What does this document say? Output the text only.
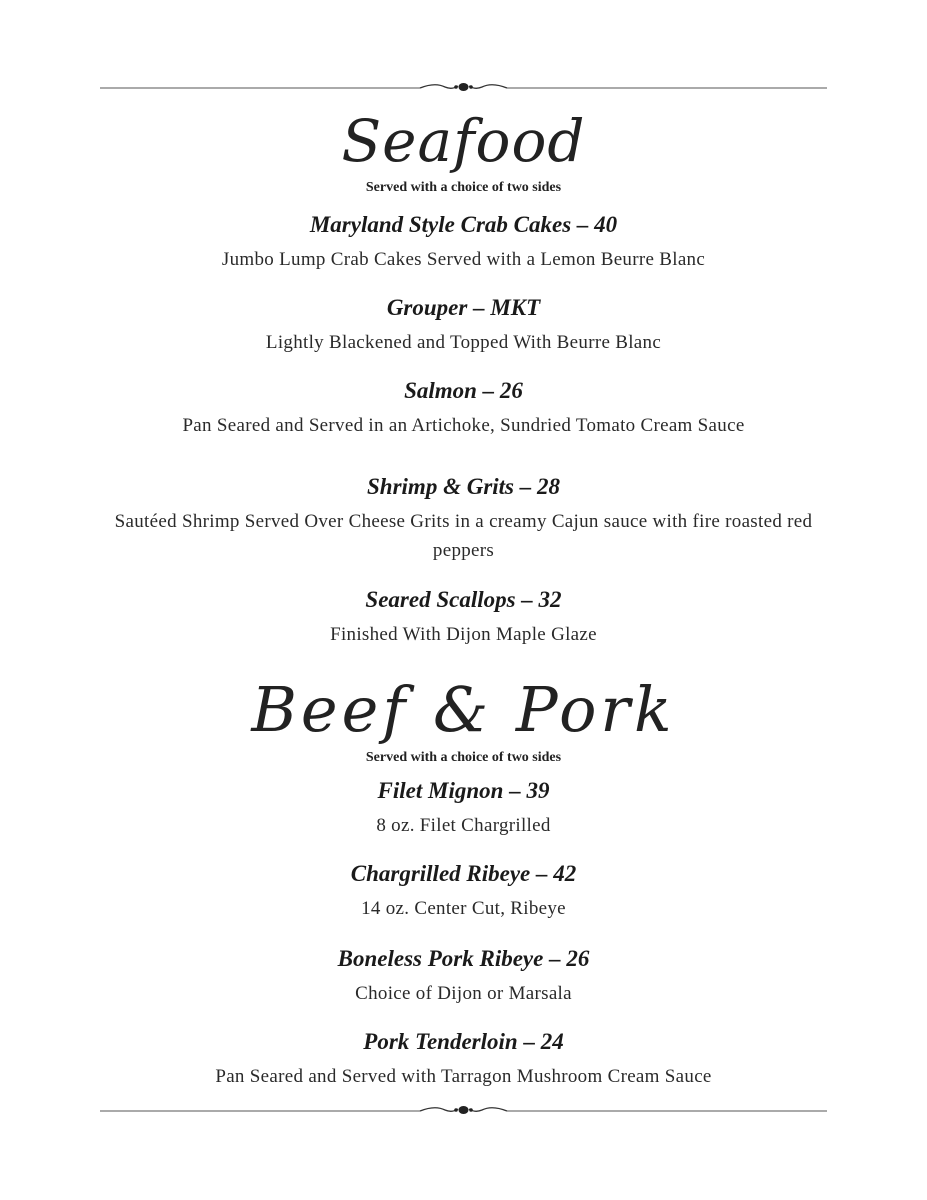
Seafood
Served with a choice of two sides
Maryland Style Crab Cakes – 40
Jumbo Lump Crab Cakes Served with a Lemon Beurre Blanc
Grouper – MKT
Lightly Blackened and Topped With Beurre Blanc
Salmon – 26
Pan Seared and Served in an Artichoke, Sundried Tomato Cream Sauce
Shrimp & Grits – 28
Sautéed Shrimp Served Over Cheese Grits in a creamy Cajun sauce with fire roasted red peppers
Seared Scallops – 32
Finished With Dijon Maple Glaze
Beef & Pork
Served with a choice of two sides
Filet Mignon – 39
8 oz. Filet Chargrilled
Chargrilled Ribeye – 42
14 oz. Center Cut, Ribeye
Boneless Pork Ribeye – 26
Choice of Dijon or Marsala
Pork Tenderloin – 24
Pan Seared and Served with Tarragon Mushroom Cream Sauce
